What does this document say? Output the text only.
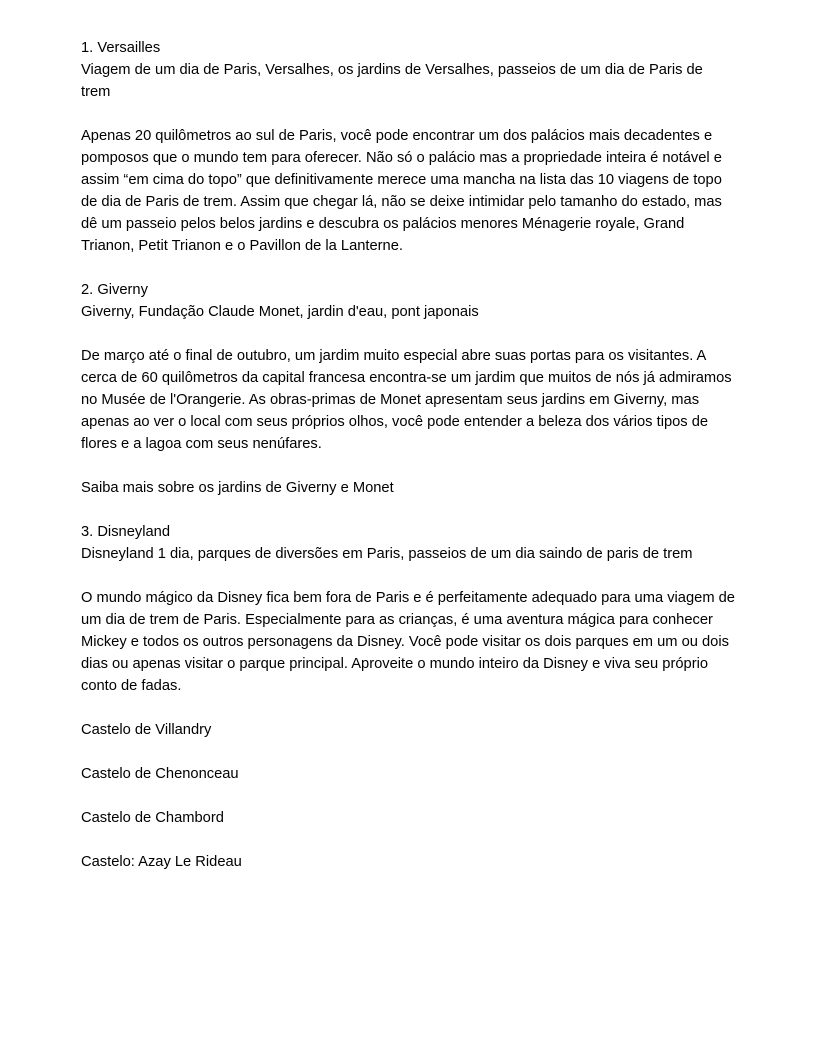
1. Versailles
Viagem de um dia de Paris, Versalhes, os jardins de Versalhes, passeios de um dia de Paris de trem

Apenas 20 quilômetros ao sul de Paris, você pode encontrar um dos palácios mais decadentes e pomposos que o mundo tem para oferecer. Não só o palácio mas a propriedade inteira é notável e assim “em cima do topo” que definitivamente merece uma mancha na lista das 10 viagens de topo de dia de Paris de trem. Assim que chegar lá, não se deixe intimidar pelo tamanho do estado, mas dê um passeio pelos belos jardins e descubra os palácios menores Ménagerie royale, Grand Trianon, Petit Trianon e o Pavillon de la Lanterne.

2. Giverny
Giverny, Fundação Claude Monet, jardin d'eau, pont japonais

De março até o final de outubro, um jardim muito especial abre suas portas para os visitantes. A cerca de 60 quilômetros da capital francesa encontra-se um jardim que muitos de nós já admiramos no Musée de l'Orangerie. As obras-primas de Monet apresentam seus jardins em Giverny, mas apenas ao ver o local com seus próprios olhos, você pode entender a beleza dos vários tipos de flores e a lagoa com seus nenúfares.

Saiba mais sobre os jardins de Giverny e Monet

3. Disneyland
Disneyland 1 dia, parques de diversões em Paris, passeios de um dia saindo de paris de trem

O mundo mágico da Disney fica bem fora de Paris e é perfeitamente adequado para uma viagem de um dia de trem de Paris. Especialmente para as crianças, é uma aventura mágica para conhecer Mickey e todos os outros personagens da Disney. Você pode visitar os dois parques em um ou dois dias ou apenas visitar o parque principal. Aproveite o mundo inteiro da Disney e viva seu próprio conto de fadas.

Castelo de Villandry

Castelo de Chenonceau

Castelo de Chambord

Castelo: Azay Le Rideau
